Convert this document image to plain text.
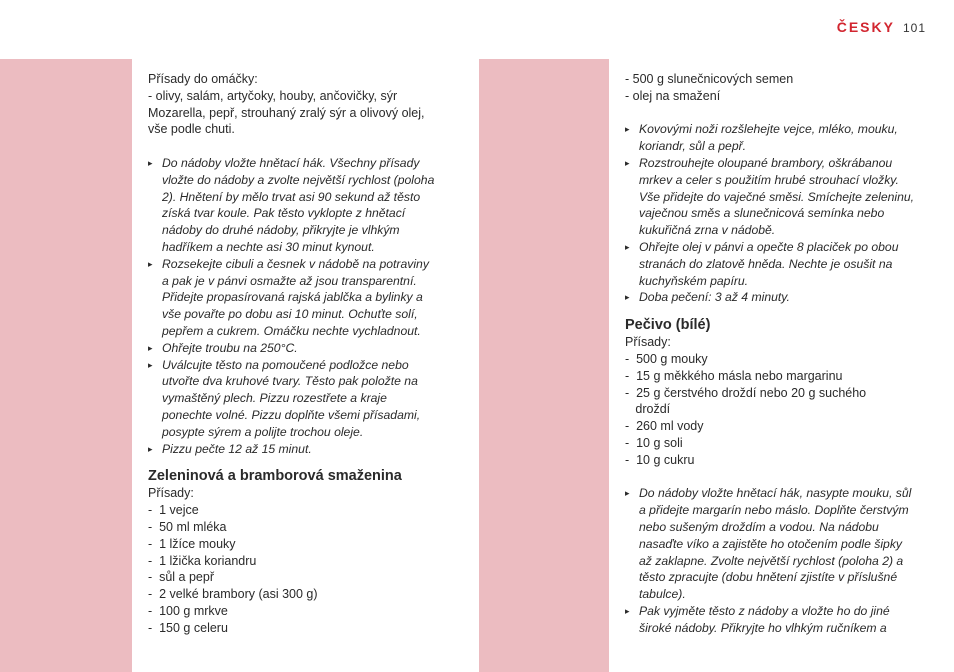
ČESKY 101
Přísady do omáčky:
- olivy, salám, artyčoky, houby, ančovičky, sýr
Mozarella, pepř, strouhaný zralý sýr a olivový olej,
vše podle chuti.
▸ Do nádoby vložte hnětací hák. Všechny přísady
vložte do nádoby a zvolte největší rychlost (poloha
2). Hnětení by mělo trvat asi 90 sekund až těsto
získá tvar koule. Pak těsto vyklopte z hnětací
nádoby do druhé nádoby, přikryjte je vlhkým
hadříkem a nechte asi 30 minut kynout.
▸ Rozsekejte cibuli a česnek v nádobě na potraviny
a pak je v pánvi osmažte až jsou transparentní.
Přidejte propasírovaná rajská jablčka a bylinky a
vše povařte po dobu asi 10 minut. Ochuťte solí,
pepřem a cukrem. Omáčku nechte vychladnout.
▸ Ohřejte troubu na 250°C.
▸ Uválcujte těsto na pomoučené podložce nebo
utvořte dva kruhové tvary. Těsto pak položte na
vymaštěný plech. Pizzu rozestřete a kraje
ponechte volné. Pizzu doplňte všemi přísadami,
posypte sýrem a polijte trochou oleje.
▸ Pizzu pečte 12 až 15 minut.
Zeleninová a bramborová smaženina
Přísady:
-  1 vejce
-  50 ml mléka
-  1 lžíce mouky
-  1 lžička koriandru
-  sůl a pepř
-  2 velké brambory (asi 300 g)
-  100 g mrkve
-  150 g celeru
- 500 g slunečnicových semen
- olej na smažení
▸ Kovovými noži rozšlehejte vejce, mléko, mouku,
koriandr, sůl a pepř.
▸ Rozstrouhejte oloupané brambory, oškrábanou
mrkev a celer s použitím hrubé strouhací vložky.
Vše přidejte do vaječné směsi. Smíchejte zeleninu,
vaječnou směs a slunečnicová semínka nebo
kukuřičná zrna v nádobě.
▸ Ohřejte olej v pánvi a opečte 8 placiček po obou
stranách do zlatově hněda. Nechte je osušit na
kuchyňském papíru.
▸ Doba pečení: 3 až 4 minuty.
Pečivo (bílé)
Přísady:
-  500 g mouky
-  15 g měkkého másla nebo margarinu
-  25 g čerstvého droždí nebo 20 g suchého
droždí
-  260 ml vody
-  10 g soli
-  10 g cukru
▸ Do nádoby vložte hnětací hák, nasypte mouku, sůl
a přidejte margarín nebo máslo. Doplňte čerstvým
nebo sušeným droždím a vodou. Na nádobu
nasaďte víko a zajistěte ho otočením podle šipky
až zaklapne. Zvolte největší rychlost (poloha 2) a
těsto zpracujte (dobu hnětení zjistíte v příslušné
tabulce).
▸ Pak vyjměte těsto z nádoby a vložte ho do jiné
široké nádoby. Přikryjte ho vlhkým ručníkem a
